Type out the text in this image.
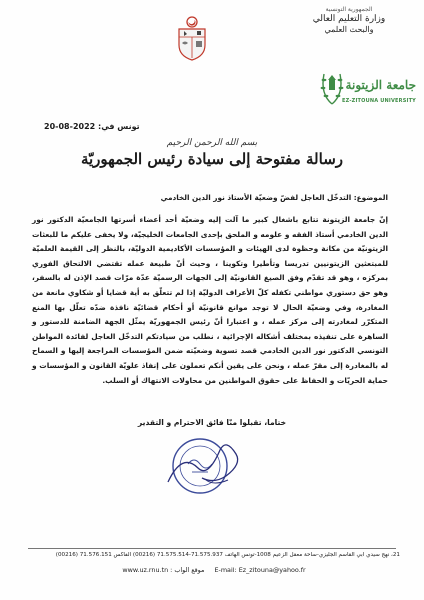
الجمهورية التونسية
وزارة التعليم العالي
والبحث العلمي
جامعة الزيتونة
EZ-ZITOUNA UNIVERSITY
تونس في: 2022-08-20
بسم الله الرحمن الرحيم
رسالة مفتوحة إلى سيادة رئيس الجمهوريّة
الموضوع: التدخّل العاجل لفضّ وضعيّة الأستاذ نور الدين الخادمي

إنّ جامعة الزيتونة تتابع باشغال كبير ما آلت إليه وضعيّة أحد أعضاء أسرتها الجامعيّة الدكتور نور الدين الخادمي أستاذ الفقه و علومه و الملحق بإحدى الجامعات الخليجيّة، ولا يخفى عليكم ما للبعثات الزيتونيّة من مكانة وحظوة لدى الهيئات و المؤسسات الأكاديمية الدوليّة، بالنظر إلى القيمة العلميّة للمبتعثين الزيتونيين تدريسا وتأطيرا وتكوينا ، وحيث أنّ طبيعة عمله تقتضي الالتحاق الفوري بمركزه ، وهو قد تقدّم وفق الصيغ القانونيّة إلى الجهات الرسميّة عدّة مرّات قصد الإذن له بالسفر، وهو حق دستوري مواطني تكفله كلّ الأعراف الدوليّة إذا لم تتعلّق به أية قضايا أو شكاوي مانعة من المغادرة، وفي وضعيّة الحال لا توجد موانع قانونيّة أو أحكام قضائيّة نافذة ضدّه تعلّل بها المنع المتكرّر لمغادرته إلى مركز عمله ، و اعتبارا أنّ رئيس الجمهوريّة يمثّل الجهة الضامنة للدستور و الساهرة على تنفيذه بمختلف أشكاله الإجرائية ، نطلب من سيادتكم التدخّل العاجل لفائدة المواطن التونسي الدكتور نور الدين الخادمي قصد تسوية وضعيّته ضمن المؤسسات المراجعة إليها و السماح له بالمغادرة إلى مقرّ عمله ، ونحن على يقين أنكم تعملون على إنفاذ علويّة القانون و المؤسسات و حماية الحريّات و الحفاظ على حقوق المواطنين من محاولات الانتهاك أو السلب.

ختاما، تقبلوا منّا فائق الاحترام و التقدير
21، نهج سيدي أبي القاسم الجليزي-ساحة معقل الزعيم 1008-تونس الهاتف 71.575.937-71.575.514 (00216) الفاكس 71.576.151 (00216)
www.uz.rnu.tn موقع الواب : E-mail: Ez_zitouna@yahoo.fr
